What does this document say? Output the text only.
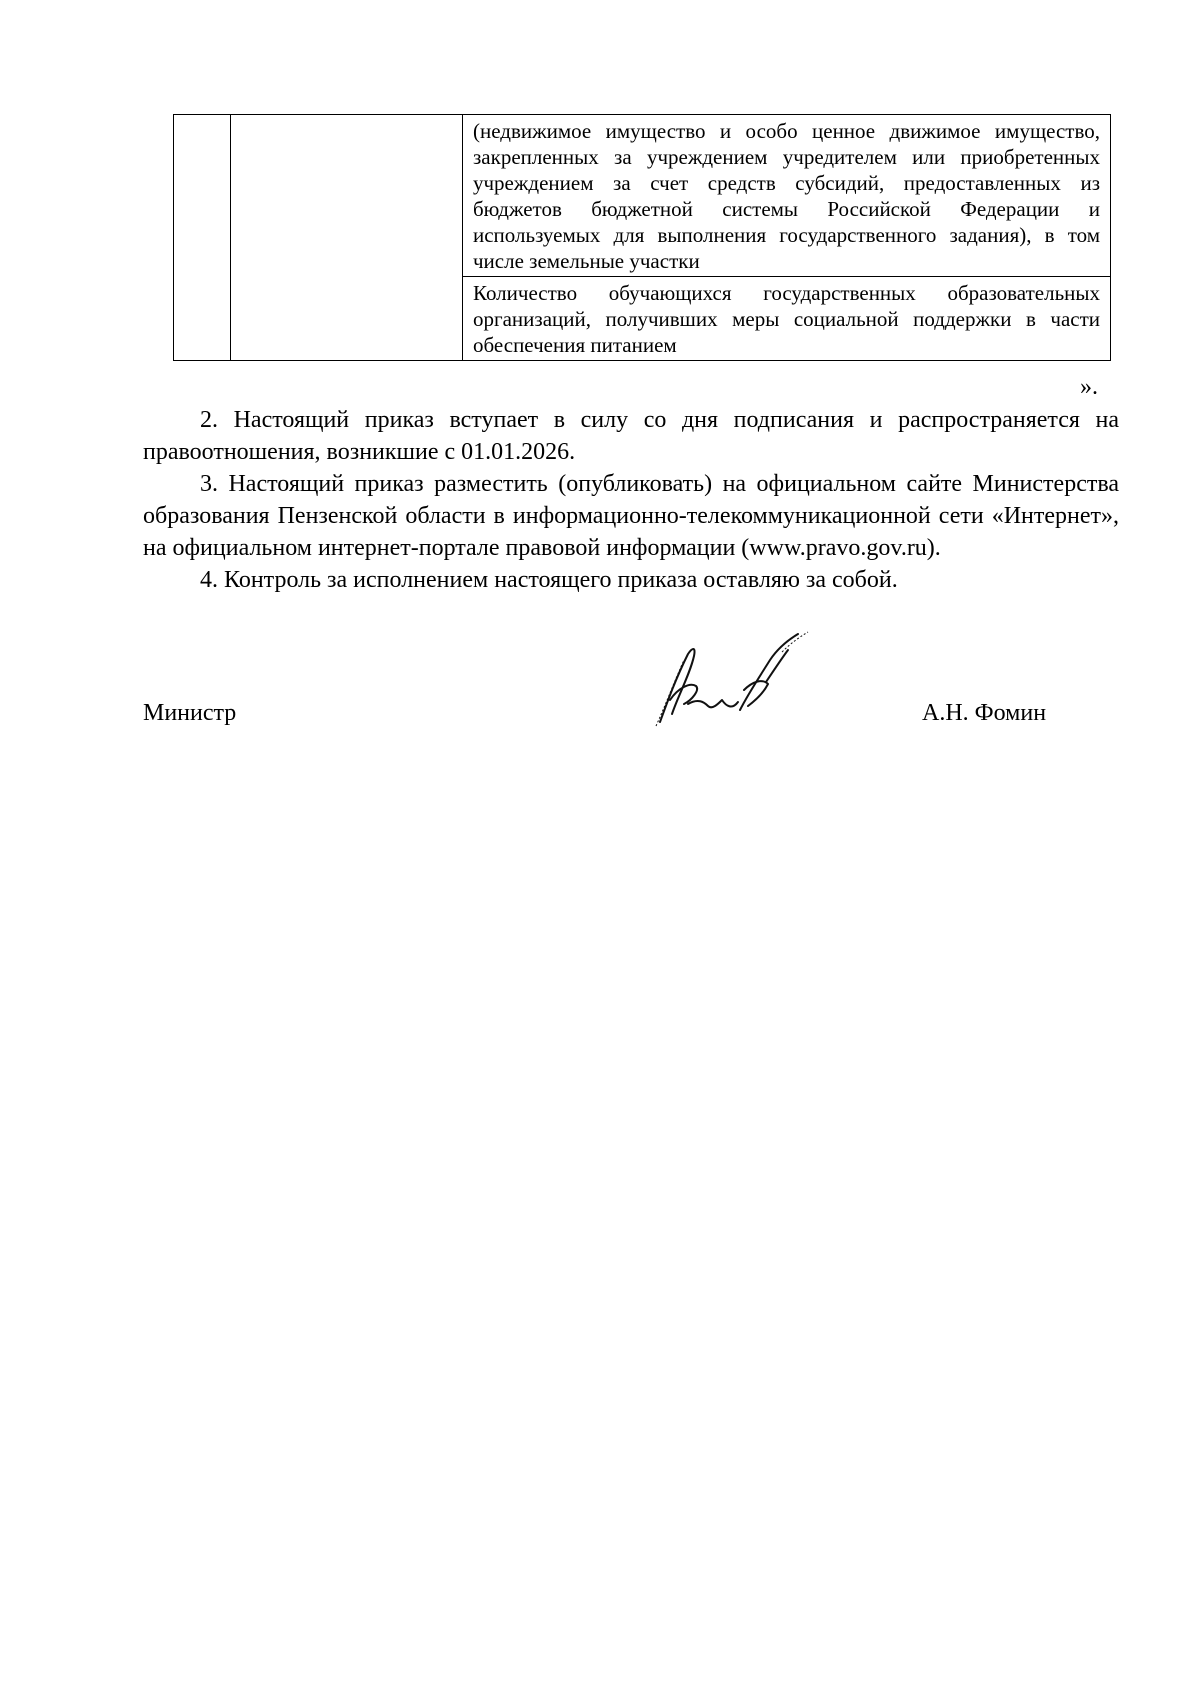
(недвижимое имущество и особо ценное движимое имущество, закрепленных за учреждением учредителем или приобретенных учреждением за счет средств субсидий, предоставленных из бюджетов бюджетной системы Российской Федерации и используемых для выполнения государственного задания), в том числе земельные участки

Количество обучающихся государственных образовательных организаций, получивших меры социальной поддержки в части обеспечения питанием
».

2. Настоящий приказ вступает в силу со дня подписания и распространяется на правоотношения, возникшие с 01.01.2026.

3. Настоящий приказ разместить (опубликовать) на официальном сайте Министерства образования Пензенской области в информационно-телекоммуникационной сети «Интернет», на официальном интернет-портале правовой информации (www.pravo.gov.ru).

4. Контроль за исполнением настоящего приказа оставляю за собой.

Министр	А.Н. Фомин
